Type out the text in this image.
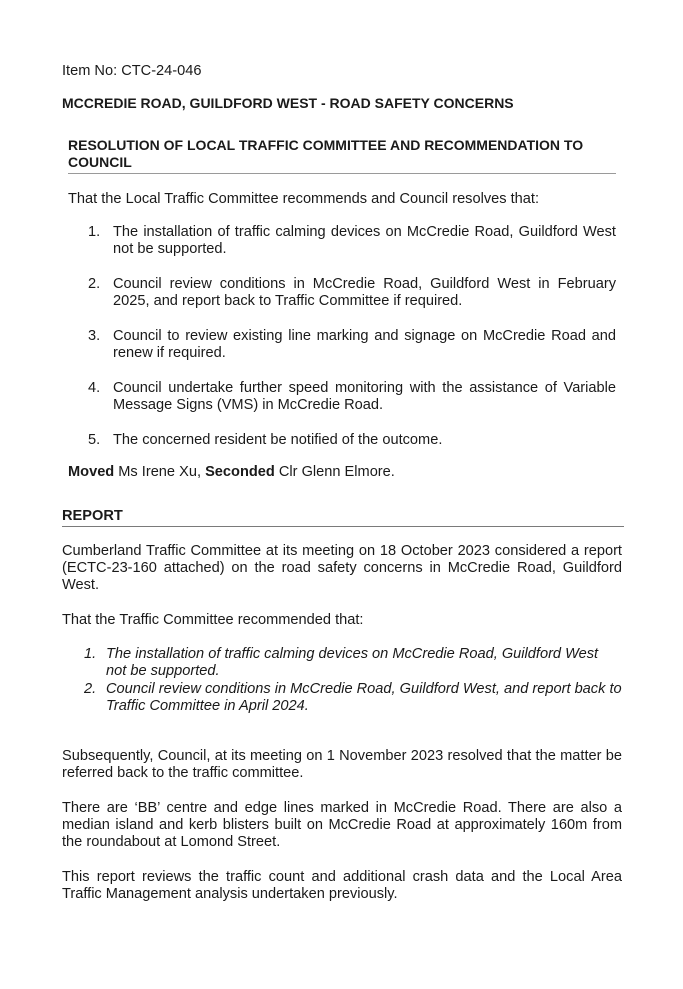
Item No: CTC-24-046
MCCREDIE ROAD, GUILDFORD WEST - ROAD SAFETY CONCERNS
RESOLUTION OF LOCAL TRAFFIC COMMITTEE AND RECOMMENDATION TO COUNCIL
That the Local Traffic Committee recommends and Council resolves that:
1. The installation of traffic calming devices on McCredie Road, Guildford West not be supported.
2. Council review conditions in McCredie Road, Guildford West in February 2025, and report back to Traffic Committee if required.
3. Council to review existing line marking and signage on McCredie Road and renew if required.
4. Council undertake further speed monitoring with the assistance of Variable Message Signs (VMS) in McCredie Road.
5. The concerned resident be notified of the outcome.
Moved Ms Irene Xu, Seconded Clr Glenn Elmore.
REPORT
Cumberland Traffic Committee at its meeting on 18 October 2023 considered a report (ECTC-23-160 attached) on the road safety concerns in McCredie Road, Guildford West.
That the Traffic Committee recommended that:
1. The installation of traffic calming devices on McCredie Road, Guildford West not be supported.
2. Council review conditions in McCredie Road, Guildford West, and report back to Traffic Committee in April 2024.
Subsequently, Council, at its meeting on 1 November 2023 resolved that the matter be referred back to the traffic committee.
There are ‘BB’ centre and edge lines marked in McCredie Road. There are also a median island and kerb blisters built on McCredie Road at approximately 160m from the roundabout at Lomond Street.
This report reviews the traffic count and additional crash data and the Local Area Traffic Management analysis undertaken previously.
